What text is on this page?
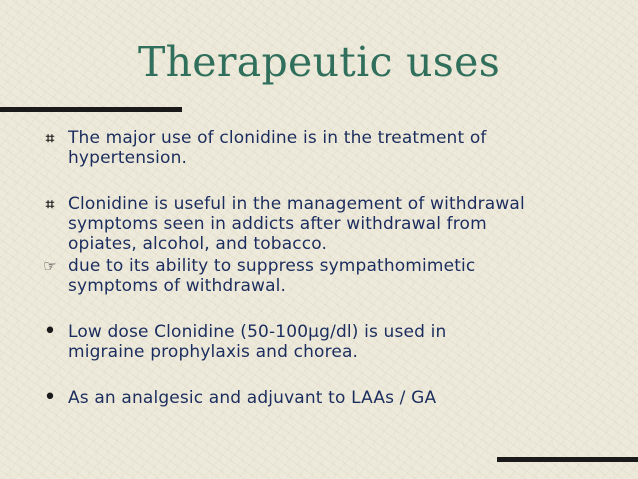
Therapeutic uses
⌗ The major use of clonidine is in the treatment of
hypertension.
⌗ Clonidine is useful in the management of withdrawal
symptoms seen in addicts after withdrawal from
opiates, alcohol, and tobacco.
☞ due to its ability to suppress sympathomimetic
symptoms of withdrawal.
• Low dose Clonidine (50-100µg/dl) is used in
migraine prophylaxis and chorea.
• As an analgesic and adjuvant to LAAs / GA
